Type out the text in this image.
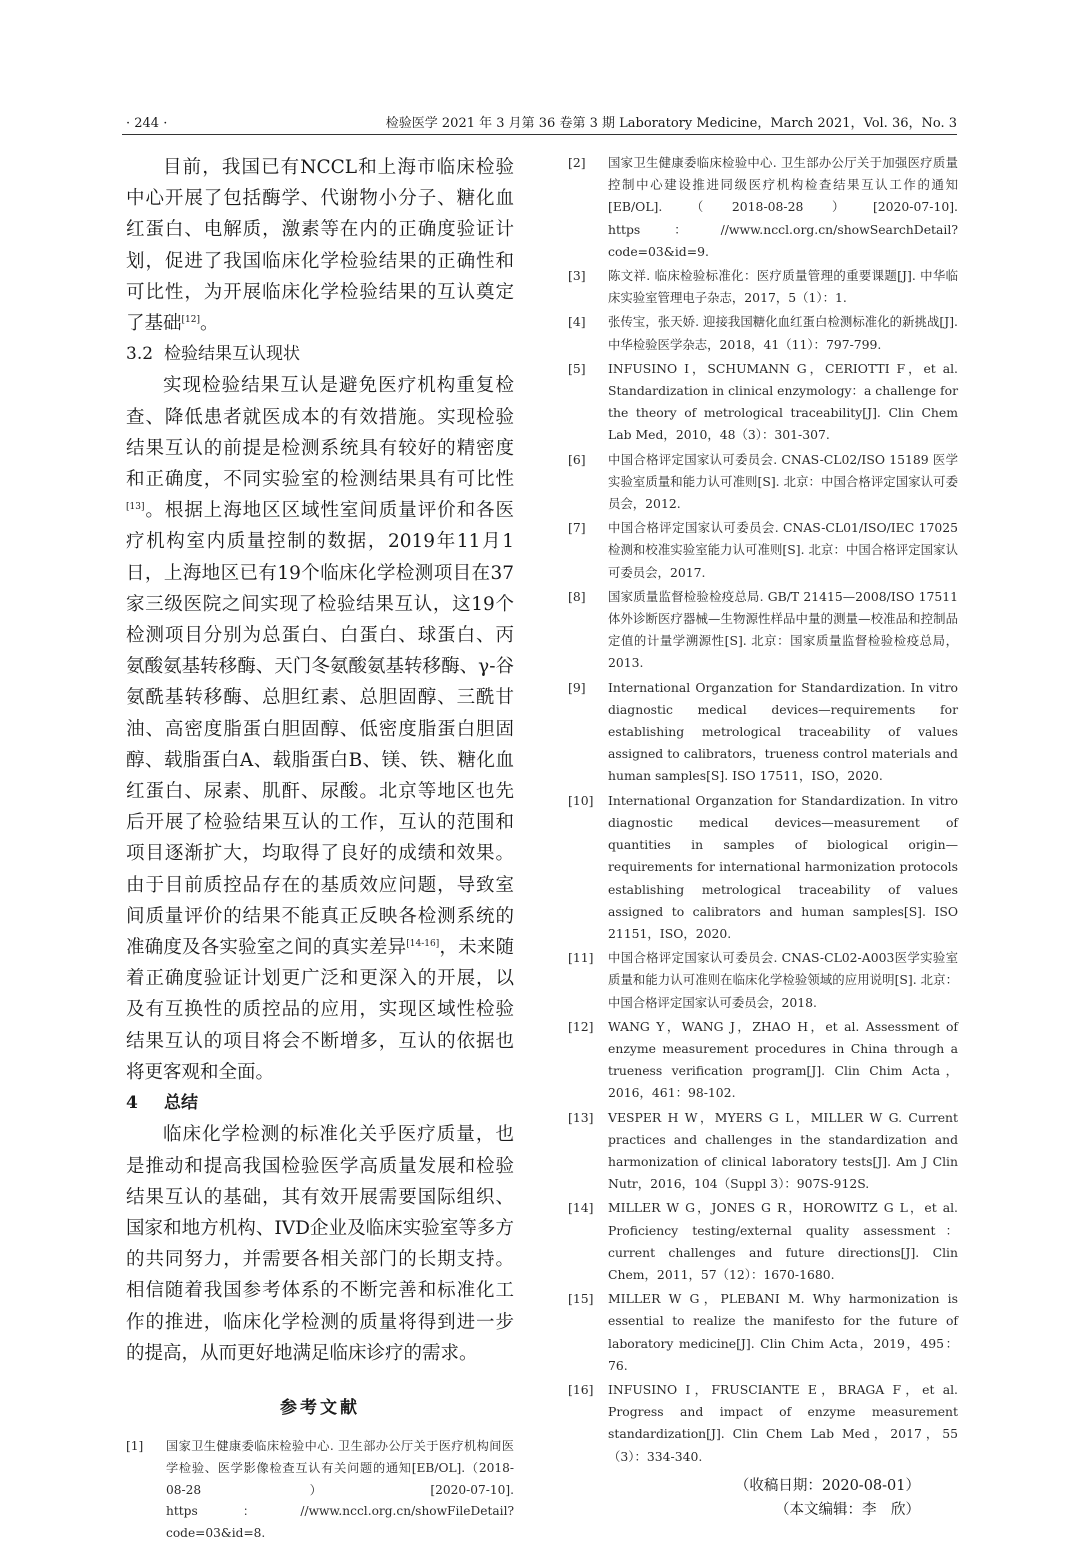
· 244 ·	检验医学 2021 年 3 月第 36 卷第 3 期 Laboratory Medicine，March 2021，Vol. 36，No. 3

目前，我国已有NCCL和上海市临床检验中心开展了包括酶学、代谢物小分子、糖化血红蛋白、电解质，激素等在内的正确度验证计划，促进了我国临床化学检验结果的正确性和可比性，为开展临床化学检验结果的互认奠定了基础[12]。

3.2 检验结果互认现状

实现检验结果互认是避免医疗机构重复检查、降低患者就医成本的有效措施。实现检验结果互认的前提是检测系统具有较好的精密度和正确度，不同实验室的检测结果具有可比性[13]。根据上海地区区域性室间质量评价和各医疗机构室内质量控制的数据，2019年11月1日，上海地区已有19个临床化学检测项目在37家三级医院之间实现了检验结果互认，这19个检测项目分别为总蛋白、白蛋白、球蛋白、丙氨酸氨基转移酶、天门冬氨酸氨基转移酶、γ-谷氨酰基转移酶、总胆红素、总胆固醇、三酰甘油、高密度脂蛋白胆固醇、低密度脂蛋白胆固醇、载脂蛋白A、载脂蛋白B、镁、铁、糖化血红蛋白、尿素、肌酐、尿酸。北京等地区也先后开展了检验结果互认的工作，互认的范围和项目逐渐扩大，均取得了良好的成绩和效果。由于目前质控品存在的基质效应问题，导致室间质量评价的结果不能真正反映各检测系统的准确度及各实验室之间的真实差异[14-16]，未来随着正确度验证计划更广泛和更深入的开展，以及有互换性的质控品的应用，实现区域性检验结果互认的项目将会不断增多，互认的依据也将更客观和全面。

4 总结

临床化学检测的标准化关乎医疗质量，也是推动和提高我国检验医学高质量发展和检验结果互认的基础，其有效开展需要国际组织、国家和地方机构、IVD企业及临床实验室等多方的共同努力，并需要各相关部门的长期支持。相信随着我国参考体系的不断完善和标准化工作的推进，临床化学检测的质量将得到进一步的提高，从而更好地满足临床诊疗的需求。

参考文献
[1]	国家卫生健康委临床检验中心. 卫生部办公厅关于医疗机构间医学检验、医学影像检查互认有关问题的通知[EB/OL].（2018-08-28）[2020-07-10]. https：//www.nccl.org.cn/showFileDetail?code=03&id=8.
[2]	国家卫生健康委临床检验中心. 卫生部办公厅关于加强医疗质量控制中心建设推进同级医疗机构检查结果互认工作的通知[EB/OL].（2018-08-28）[2020-07-10]. https：//www.nccl.org.cn/showSearchDetail?code=03&id=9.
[3]	陈文祥. 临床检验标准化：医疗质量管理的重要课题[J]. 中华临床实验室管理电子杂志，2017，5（1）：1.
[4]	张传宝，张天娇. 迎接我国糖化血红蛋白检测标准化的新挑战[J]. 中华检验医学杂志，2018，41（11）：797-799.
[5]	INFUSINO I，SCHUMANN G，CERIOTTI F，et al. Standardization in clinical enzymology：a challenge for the theory of metrological traceability[J]. Clin Chem Lab Med，2010，48（3）：301-307.
[6]	中国合格评定国家认可委员会. CNAS-CL02/ISO 15189 医学实验室质量和能力认可准则[S]. 北京：中国合格评定国家认可委员会，2012.
[7]	中国合格评定国家认可委员会. CNAS-CL01/ISO/IEC 17025 检测和校准实验室能力认可准则[S]. 北京：中国合格评定国家认可委员会，2017.
[8]	国家质量监督检验检疫总局. GB/T 21415—2008/ISO 17511 体外诊断医疗器械—生物源性样品中量的测量—校准品和控制品定值的计量学溯源性[S]. 北京：国家质量监督检验检疫总局，2013.
[9]	International Organzation for Standardization. In vitro diagnostic medical devices—requirements for establishing metrological traceability of values assigned to calibrators，trueness control materials and human samples[S]. ISO 17511，ISO，2020.
[10]	International Organzation for Standardization. In vitro diagnostic medical devices—measurement of quantities in samples of biological origin—requirements for international harmonization protocols establishing metrological traceability of values assigned to calibrators and human samples[S]. ISO 21151，ISO，2020.
[11]	中国合格评定国家认可委员会. CNAS-CL02-A003医学实验室质量和能力认可准则在临床化学检验领域的应用说明[S]. 北京：中国合格评定国家认可委员会，2018.
[12]	WANG Y，WANG J，ZHAO H，et al. Assessment of enzyme measurement procedures in China through a trueness verification program[J]. Clin Chim Acta，2016，461：98-102.
[13]	VESPER H W，MYERS G L，MILLER W G. Current practices and challenges in the standardization and harmonization of clinical laboratory tests[J]. Am J Clin Nutr，2016，104（Suppl 3）：907S-912S.
[14]	MILLER W G，JONES G R，HOROWITZ G L，et al. Proficiency testing/external quality assessment：current challenges and future directions[J]. Clin Chem，2011，57（12）：1670-1680.
[15]	MILLER W G，PLEBANI M. Why harmonization is essential to realize the manifesto for the future of laboratory medicine[J]. Clin Chim Acta，2019，495：76.
[16]	INFUSINO I，FRUSCIANTE E，BRAGA F，et al. Progress and impact of enzyme measurement standardization[J]. Clin Chem Lab Med，2017，55（3）：334-340.
（收稿日期：2020-08-01）
（本文编辑：李　欣）
